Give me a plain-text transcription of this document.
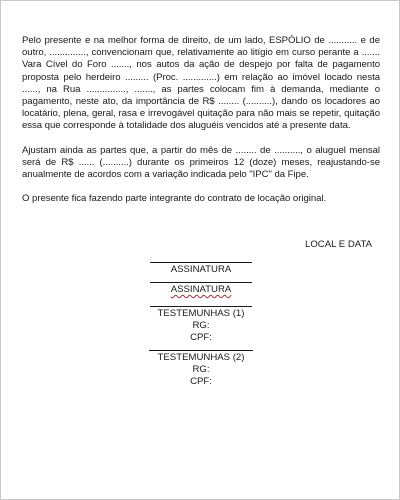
Pelo presente e na melhor forma de direito, de um lado, ESPÓLIO de ........... e de outro, .............., convencionam que, relativamente ao litígio em curso perante a ....... Vara Cível do Foro ......., nos autos da ação de despejo por falta de pagamento proposta pelo herdeiro ......... (Proc. .............) em relação ao imóvel locado nesta ......, na Rua ..............., ......., as partes colocam fim à demanda, mediante o pagamento, neste ato, da importância de R$ ........ (..........), dando os locadores ao locatário, plena, geral, rasa e irrevogável quitação para não mais se repetir, quitação essa que corresponde à totalidade dos aluguéis vencidos até a presente data.

Ajustam ainda as partes que, a partir do mês de ........ de .........., o aluguel mensal será de R$ ...... (..........) durante os primeiros 12 (doze) meses, reajustando-se anualmente de acordos com a variação indicada pelo "IPC" da Fipe.

O presente fica fazendo parte integrante do contrato de locação original.

LOCAL E DATA
ASSINATURA
ASSINATURA
TESTEMUNHAS (1)
RG:
CPF:
TESTEMUNHAS (2)
RG:
CPF:
